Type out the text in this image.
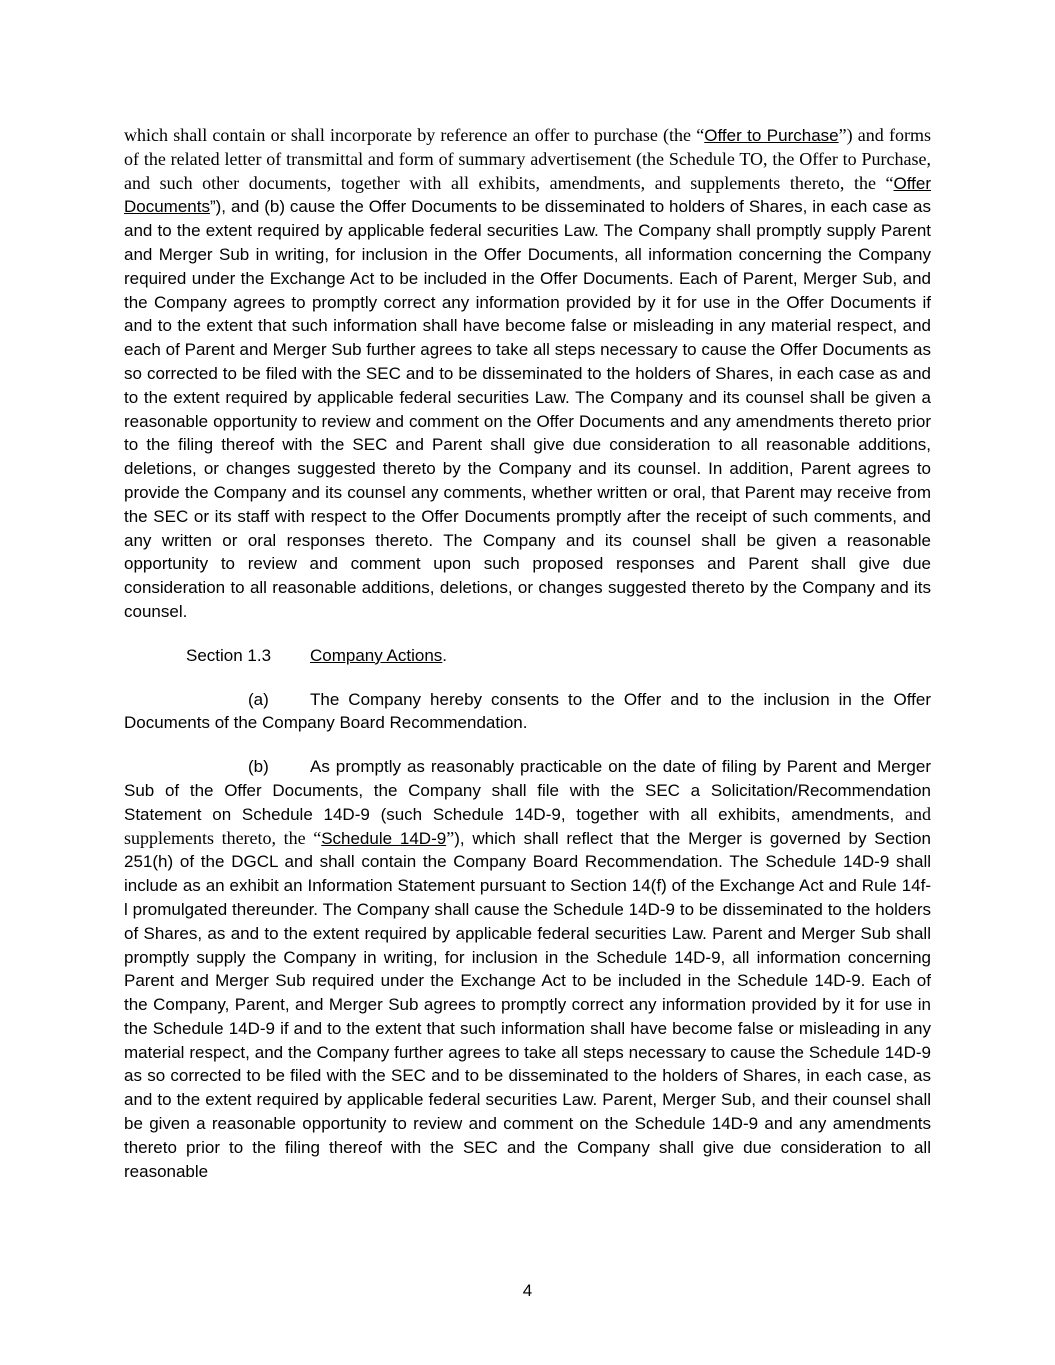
which shall contain or shall incorporate by reference an offer to purchase (the “Offer to Purchase”) and forms of the related letter of transmittal and form of summary advertisement (the Schedule TO, the Offer to Purchase, and such other documents, together with all exhibits, amendments, and supplements thereto, the “Offer Documents”), and (b) cause the Offer Documents to be disseminated to holders of Shares, in each case as and to the extent required by applicable federal securities Law. The Company shall promptly supply Parent and Merger Sub in writing, for inclusion in the Offer Documents, all information concerning the Company required under the Exchange Act to be included in the Offer Documents. Each of Parent, Merger Sub, and the Company agrees to promptly correct any information provided by it for use in the Offer Documents if and to the extent that such information shall have become false or misleading in any material respect, and each of Parent and Merger Sub further agrees to take all steps necessary to cause the Offer Documents as so corrected to be filed with the SEC and to be disseminated to the holders of Shares, in each case as and to the extent required by applicable federal securities Law. The Company and its counsel shall be given a reasonable opportunity to review and comment on the Offer Documents and any amendments thereto prior to the filing thereof with the SEC and Parent shall give due consideration to all reasonable additions, deletions, or changes suggested thereto by the Company and its counsel. In addition, Parent agrees to provide the Company and its counsel any comments, whether written or oral, that Parent may receive from the SEC or its staff with respect to the Offer Documents promptly after the receipt of such comments, and any written or oral responses thereto. The Company and its counsel shall be given a reasonable opportunity to review and comment upon such proposed responses and Parent shall give due consideration to all reasonable additions, deletions, or changes suggested thereto by the Company and its counsel.

Section 1.3 Company Actions.

(a) The Company hereby consents to the Offer and to the inclusion in the Offer Documents of the Company Board Recommendation.

(b) As promptly as reasonably practicable on the date of filing by Parent and Merger Sub of the Offer Documents, the Company shall file with the SEC a Solicitation/Recommendation Statement on Schedule 14D-9 (such Schedule 14D-9, together with all exhibits, amendments, and supplements thereto, the “Schedule 14D-9”), which shall reflect that the Merger is governed by Section 251(h) of the DGCL and shall contain the Company Board Recommendation. The Schedule 14D-9 shall include as an exhibit an Information Statement pursuant to Section 14(f) of the Exchange Act and Rule 14f-l promulgated thereunder. The Company shall cause the Schedule 14D-9 to be disseminated to the holders of Shares, as and to the extent required by applicable federal securities Law. Parent and Merger Sub shall promptly supply the Company in writing, for inclusion in the Schedule 14D-9, all information concerning Parent and Merger Sub required under the Exchange Act to be included in the Schedule 14D-9. Each of the Company, Parent, and Merger Sub agrees to promptly correct any information provided by it for use in the Schedule 14D-9 if and to the extent that such information shall have become false or misleading in any material respect, and the Company further agrees to take all steps necessary to cause the Schedule 14D-9 as so corrected to be filed with the SEC and to be disseminated to the holders of Shares, in each case, as and to the extent required by applicable federal securities Law. Parent, Merger Sub, and their counsel shall be given a reasonable opportunity to review and comment on the Schedule 14D-9 and any amendments thereto prior to the filing thereof with the SEC and the Company shall give due consideration to all reasonable

4
